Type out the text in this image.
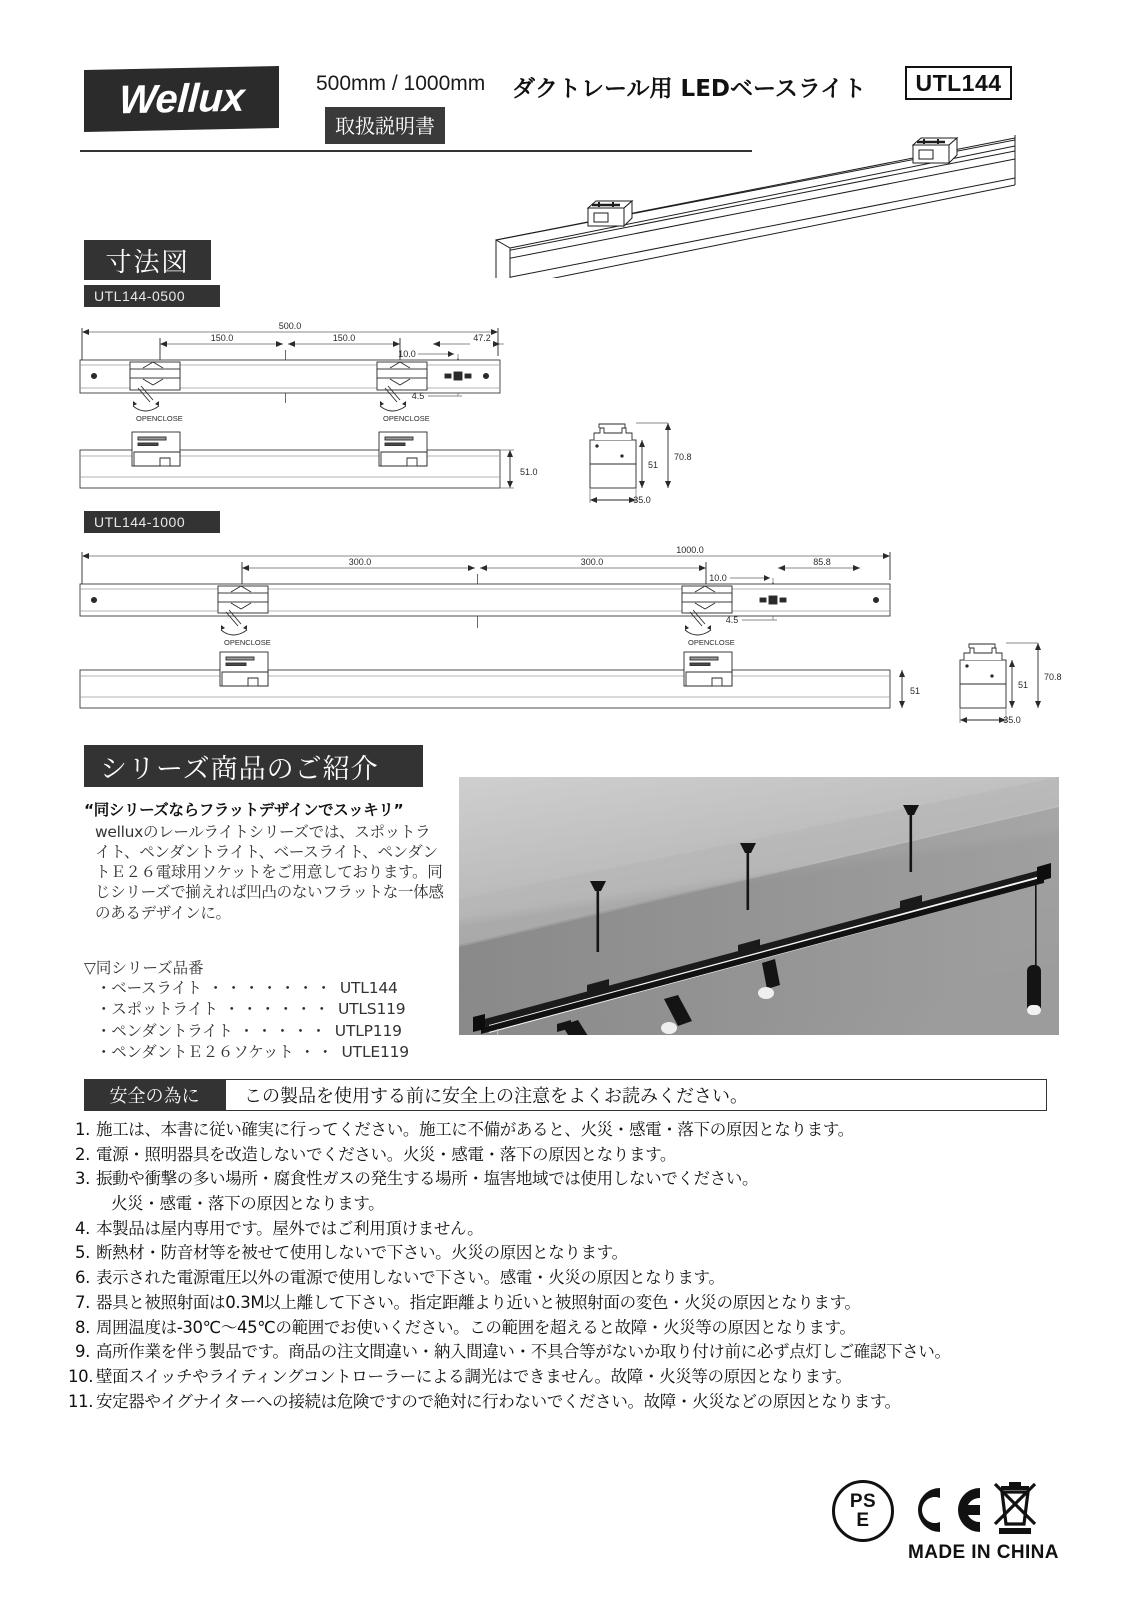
Wellux	500mm / 1000mm ダクトレール用 LEDベースライト	UTL144
取扱説明書
寸法図
UTL144-0500
UTL144-1000
500.0
150.0	150.0	47.2
10.0
4.5
51.0
70.8
51
35.0
OPEN CLOSE	OPEN CLOSE
1000.0
300.0	300.0	85.8
10.0
4.5
51
70.8
51
35.0
OPEN CLOSE	OPEN CLOSE
シリーズ商品のご紹介

“同シリーズならフラットデザインでスッキリ”

welluxのレールライトシリーズでは、スポットライト、ペンダントライト、ベースライト、ペンダントＥ２６電球用ソケットをご用意しております。同じシリーズで揃えれば凹凸のないフラットな一体感のあるデザインに。

▽同シリーズ品番
・ベースライト ・・・・・・・ UTL144
・スポットライト ・・・・・・ UTLS119
・ペンダントライト ・・・・・ UTLP119
・ペンダントＥ２６ソケット ・・ UTLE119
安全の為に	この製品を使用する前に安全上の注意をよくお読みください。
1. 施工は、本書に従い確実に行ってください。施工に不備があると、火災・感電・落下の原因となります。
2. 電源・照明器具を改造しないでください。火災・感電・落下の原因となります。
3. 振動や衝撃の多い場所・腐食性ガスの発生する場所・塩害地域では使用しないでください。
火災・感電・落下の原因となります。
4. 本製品は屋内専用です。屋外ではご利用頂けません。
5. 断熱材・防音材等を被せて使用しないで下さい。火災の原因となります。
6. 表示された電源電圧以外の電源で使用しないで下さい。感電・火災の原因となります。
7. 器具と被照射面は0.3M以上離して下さい。指定距離より近いと被照射面の変色・火災の原因となります。
8. 周囲温度は-30℃〜45℃の範囲でお使いください。この範囲を超えると故障・火災等の原因となります。
9. 高所作業を伴う製品です。商品の注文間違い・納入間違い・不具合等がないか取り付け前に必ず点灯しご確認下さい。
10. 壁面スイッチやライティングコントローラーによる調光はできません。故障・火災等の原因となります。
11. 安定器やイグナイターへの接続は危険ですので絶対に行わないでください。故障・火災などの原因となります。
PS
E
MADE IN CHINA
